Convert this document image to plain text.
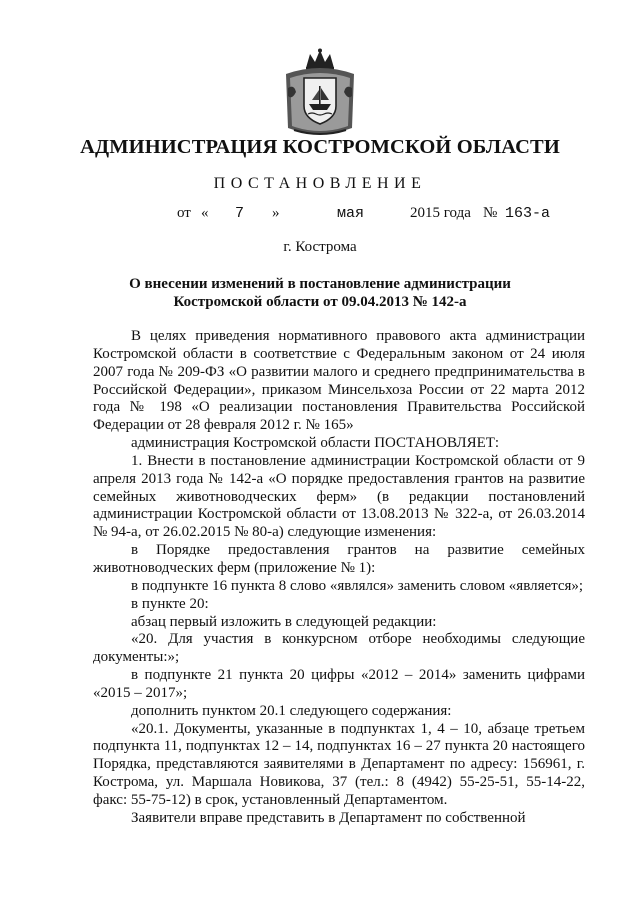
АДМИНИСТРАЦИЯ КОСТРОМСКОЙ ОБЛАСТИ
ПОСТАНОВЛЕНИЕ
от « 7 »	мая	2015 года № 163-а
г. Кострома
О внесении изменений в постановление администрации
Костромской области от 09.04.2013 № 142-а

В целях приведения нормативного правового акта администрации Костромской области в соответствие с Федеральным законом от 24 июля 2007 года № 209-ФЗ «О развитии малого и среднего предпринимательства в Российской Федерации», приказом Минсельхоза России от 22 марта 2012 года № 198 «О реализации постановления Правительства Российской Федерации от 28 февраля 2012 г. № 165»

администрация Костромской области ПОСТАНОВЛЯЕТ:

1. Внести в постановление администрации Костромской области от 9 апреля 2013 года № 142-а «О порядке предоставления грантов на развитие семейных животноводческих ферм» (в редакции постановлений администрации Костромской области от 13.08.2013 № 322-а, от 26.03.2014 № 94-а, от 26.02.2015 № 80-а) следующие изменения:

в Порядке предоставления грантов на развитие семейных животноводческих ферм (приложение № 1):

в подпункте 16 пункта 8 слово «являлся» заменить словом «является»;

в пункте 20:

абзац первый изложить в следующей редакции:

«20. Для участия в конкурсном отборе необходимы следующие документы:»;

в подпункте 21 пункта 20 цифры «2012 – 2014» заменить цифрами «2015 – 2017»;

дополнить пунктом 20.1 следующего содержания:

«20.1. Документы, указанные в подпунктах 1, 4 – 10, абзаце третьем подпункта 11, подпунктах 12 – 14, подпунктах 16 – 27 пункта 20 настоящего Порядка, представляются заявителями в Департамент по адресу: 156961, г. Кострома, ул. Маршала Новикова, 37 (тел.: 8 (4942) 55-25-51, 55-14-22, факс: 55-75-12) в срок, установленный Департаментом.

Заявители вправе представить в Департамент по собственной
